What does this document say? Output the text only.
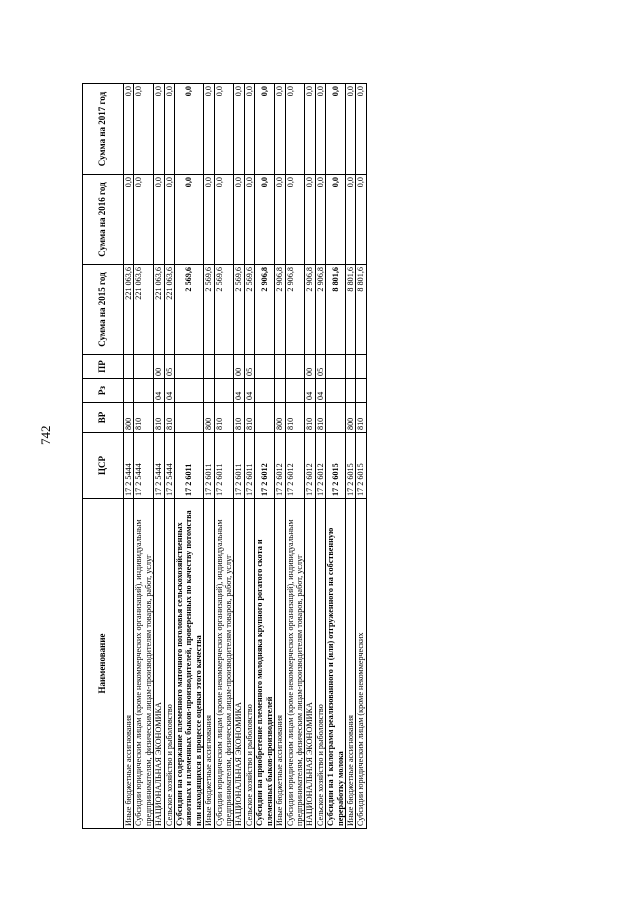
742
Наименование	ЦСР	ВР	Рз	ПР	Сумма на 2015 год	Сумма на 2016 год	Сумма на 2017 год
Иные бюджетные ассигнования	17 2 5444	800			221 063,6	0,0	0,0
Субсидии юридическим лицам (кроме некоммерческих организаций), индивидуальным предпринимателям, физическим лицам-производителям товаров, работ, услуг	17 2 5444	810			221 063,6	0,0	0,0
НАЦИОНАЛЬНАЯ ЭКОНОМИКА	17 2 5444	810	04	00	221 063,6	0,0	0,0
Сельское хозяйство и рыболовство	17 2 5444	810	04	05	221 063,6	0,0	0,0
Субсидии на содержание племенного маточного поголовья сельскохозяйственных животных и племенных быков-производителей, проверенных по качеству потомства или находящихся в процессе оценки этого качества	17 2 6011				2 569,6	0,0	0,0
Иные бюджетные ассигнования	17 2 6011	800			2 569,6	0,0	0,0
Субсидии юридическим лицам (кроме некоммерческих организаций), индивидуальным предпринимателям, физическим лицам-производителям товаров, работ, услуг	17 2 6011	810			2 569,6	0,0	0,0
НАЦИОНАЛЬНАЯ ЭКОНОМИКА	17 2 6011	810	04	00	2 569,6	0,0	0,0
Сельское хозяйство и рыболовство	17 2 6011	810	04	05	2 569,6	0,0	0,0
Субсидии на приобретение племенного молодняка крупного рогатого скота и племенных быков-производителей	17 2 6012				2 906,8	0,0	0,0
Иные бюджетные ассигнования	17 2 6012	800			2 906,8	0,0	0,0
Субсидии юридическим лицам (кроме некоммерческих организаций), индивидуальным предпринимателям, физическим лицам-производителям товаров, работ, услуг	17 2 6012	810			2 906,8	0,0	0,0
НАЦИОНАЛЬНАЯ ЭКОНОМИКА	17 2 6012	810	04	00	2 906,8	0,0	0,0
Сельское хозяйство и рыболовство	17 2 6012	810	04	05	2 906,8	0,0	0,0
Субсидии на 1 килограмм реализованного и (или) отгруженного на собственную переработку молока	17 2 6015				8 801,6	0,0	0,0
Иные бюджетные ассигнования	17 2 6015	800			8 801,6	0,0	0,0
Субсидии юридическим лицам (кроме некоммерческих	17 2 6015	810			8 801,6	0,0	0,0
